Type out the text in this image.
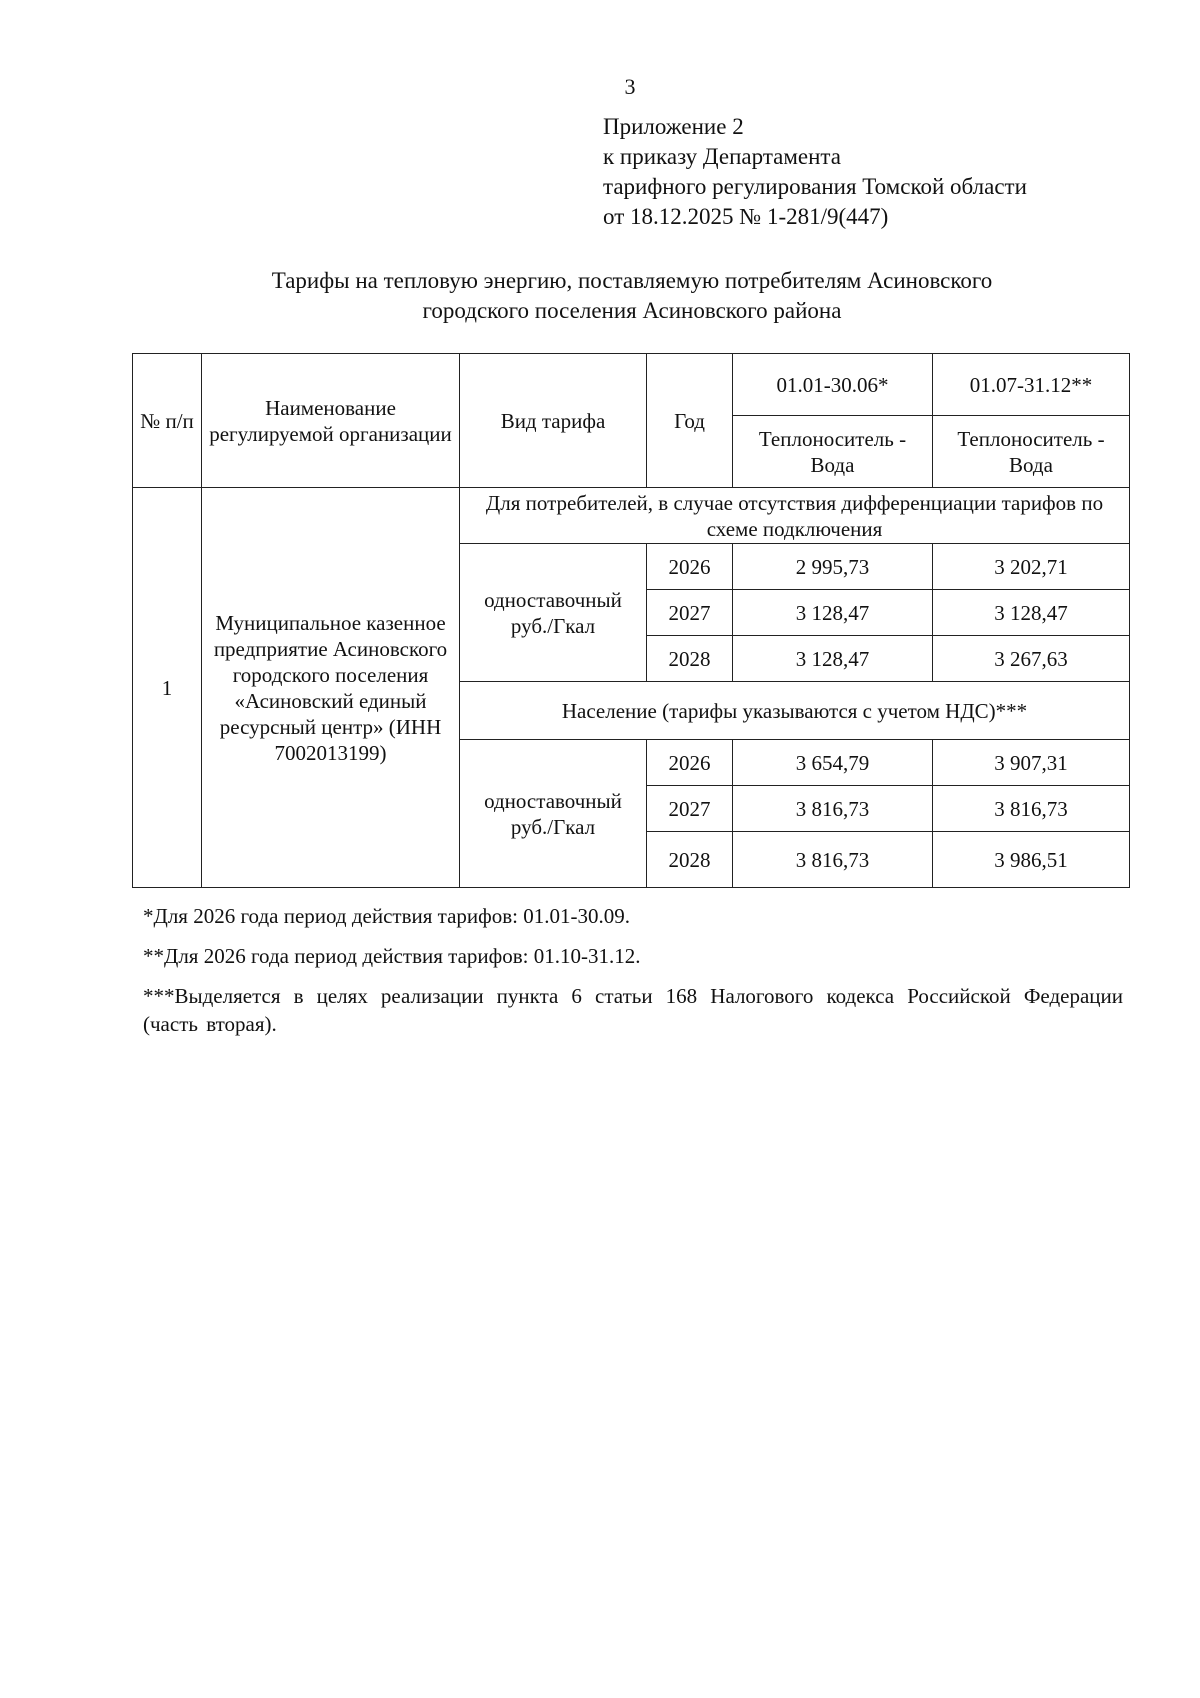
3
Приложение 2
к приказу Департамента
тарифного регулирования Томской области
от 18.12.2025 № 1-281/9(447)
Тарифы на тепловую энергию, поставляемую потребителям Асиновского
городского поселения Асиновского района
№ п/п	Наименование регулируемой организации	Вид тарифа	Год	01.01-30.06*	01.07-31.12**
				Теплоноситель - Вода	Теплоноситель - Вода
1	Муниципальное казенное предприятие Асиновского городского поселения «Асиновский единый ресурсный центр» (ИНН 7002013199)	Для потребителей, в случае отсутствия дифференциации тарифов по схеме подключения			
		одноставочный руб./Гкал	2026	2 995,73	3 202,71
			2027	3 128,47	3 128,47
			2028	3 128,47	3 267,63
		Население (тарифы указываются с учетом НДС)***			
		одноставочный руб./Гкал	2026	3 654,79	3 907,31
			2027	3 816,73	3 816,73
			2028	3 816,73	3 986,51

*Для 2026 года период действия тарифов: 01.01-30.09.

**Для 2026 года период действия тарифов: 01.10-31.12.

***Выделяется в целях реализации пункта 6 статьи 168 Налогового кодекса Российской Федерации (часть вторая).
